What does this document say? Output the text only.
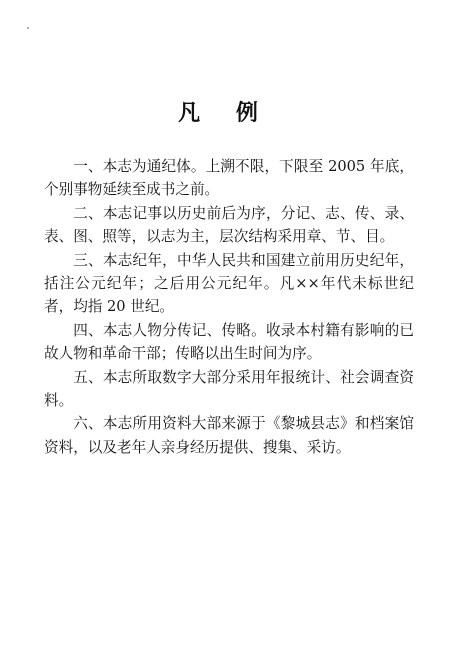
凡 例

一、本志为通纪体。上溯不限，下限至 2005 年底，个别事物延续至成书之前。

二、本志记事以历史前后为序，分记、志、传、录、表、图、照等，以志为主，层次结构采用章、节、目。

三、本志纪年，中华人民共和国建立前用历史纪年，括注公元纪年；之后用公元纪年。凡××年代未标世纪者，均指 20 世纪。

四、本志人物分传记、传略。收录本村籍有影响的已故人物和革命干部；传略以出生时间为序。

五、本志所取数字大部分采用年报统计、社会调查资料。

六、本志所用资料大部来源于《黎城县志》和档案馆资料，以及老年人亲身经历提供、搜集、采访。
